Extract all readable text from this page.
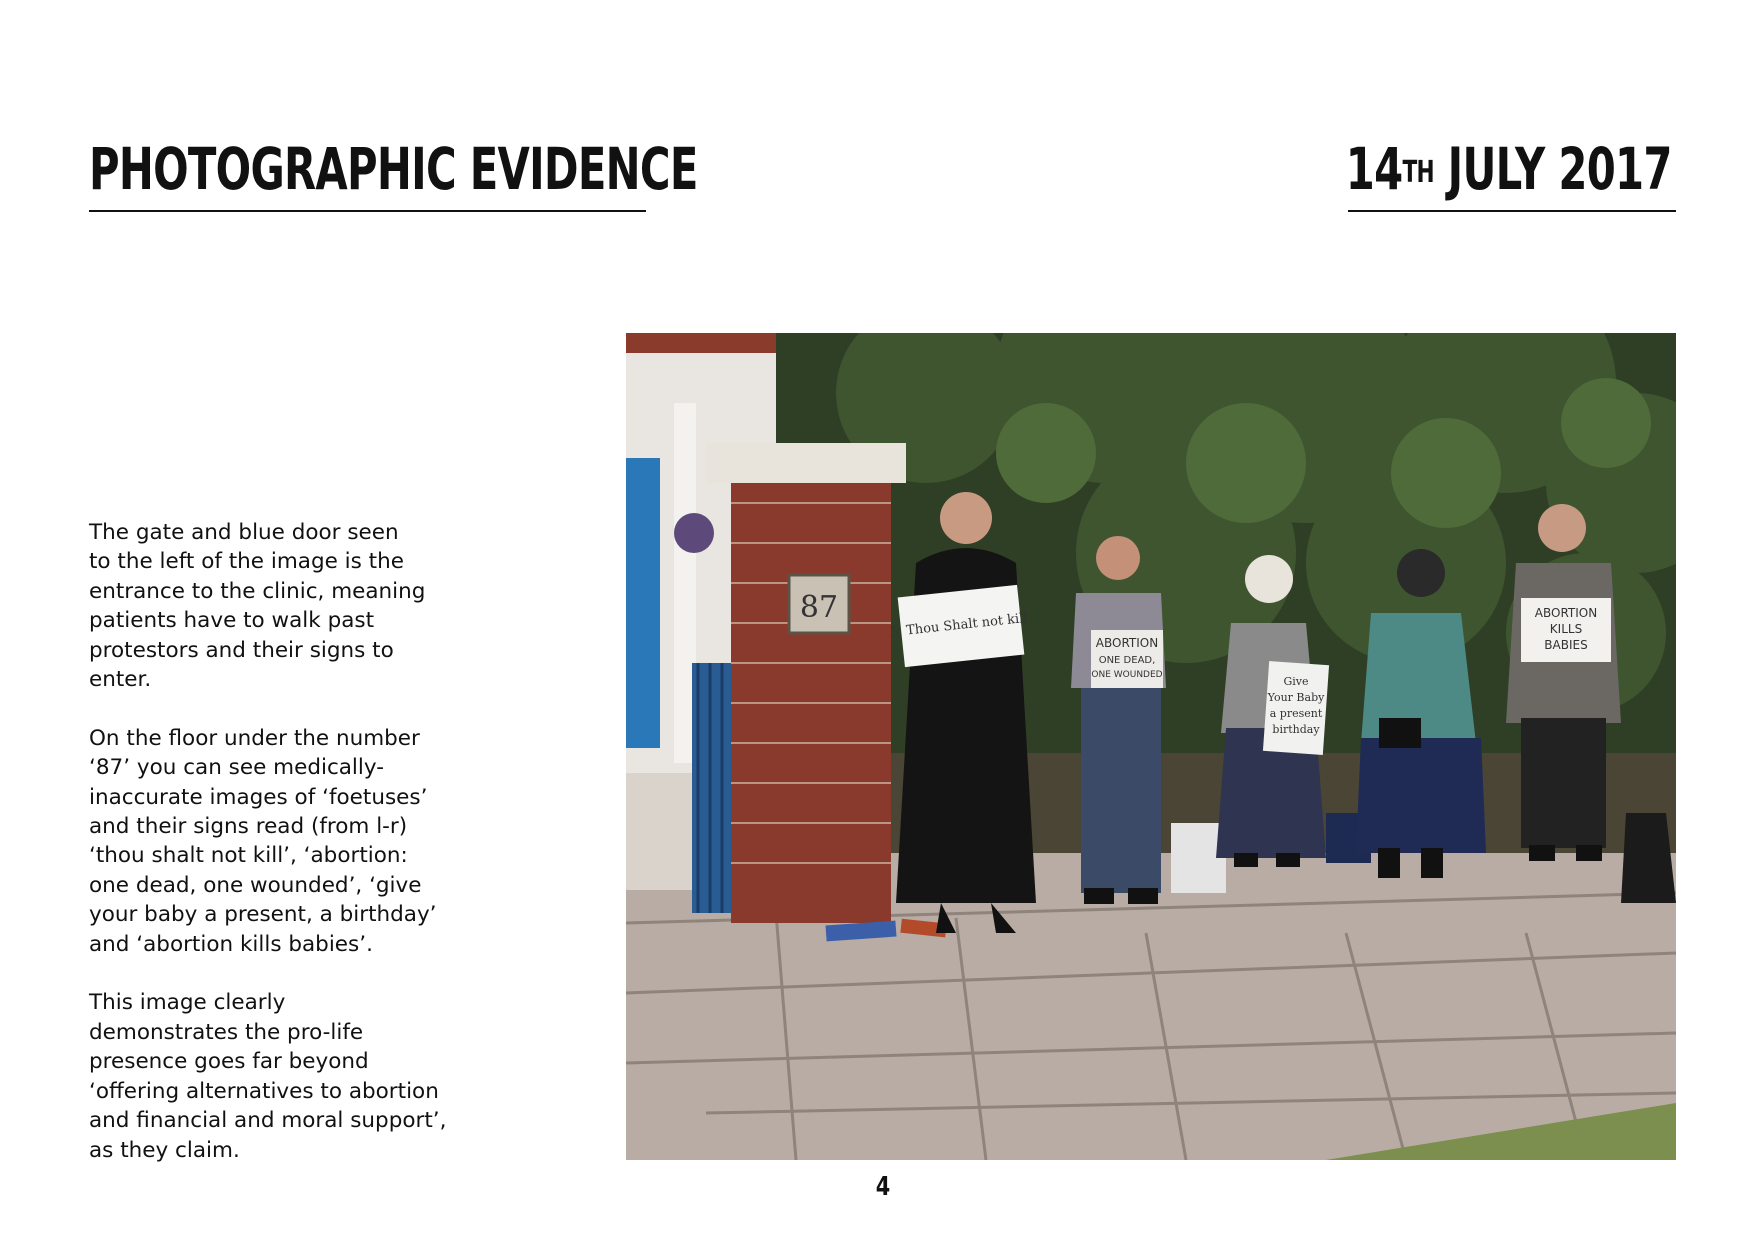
PHOTOGRAPHIC EVIDENCE	14TH JULY 2017

The gate and blue door seen
to the left of the image is the
entrance to the clinic, meaning
patients have to walk past
protestors and their signs to
enter.

On the floor under the number
‘87’ you can see medically-
inaccurate images of ‘foetuses’
and their signs read (from l-r)
‘thou shalt not kill’, ‘abortion:
one dead, one wounded’, ‘give
your baby a present, a birthday’
and ‘abortion kills babies’.

This image clearly
demonstrates the pro-life
presence goes far beyond
‘offering alternatives to abortion
and financial and moral support’,
as they claim.

87
5. Thou Shalt not kill
ABORTION
ONE DEAD,
ONE WOUNDED	Give
Your Baby
a present
birthday
ABORTION
KILLS
BABIES
4
